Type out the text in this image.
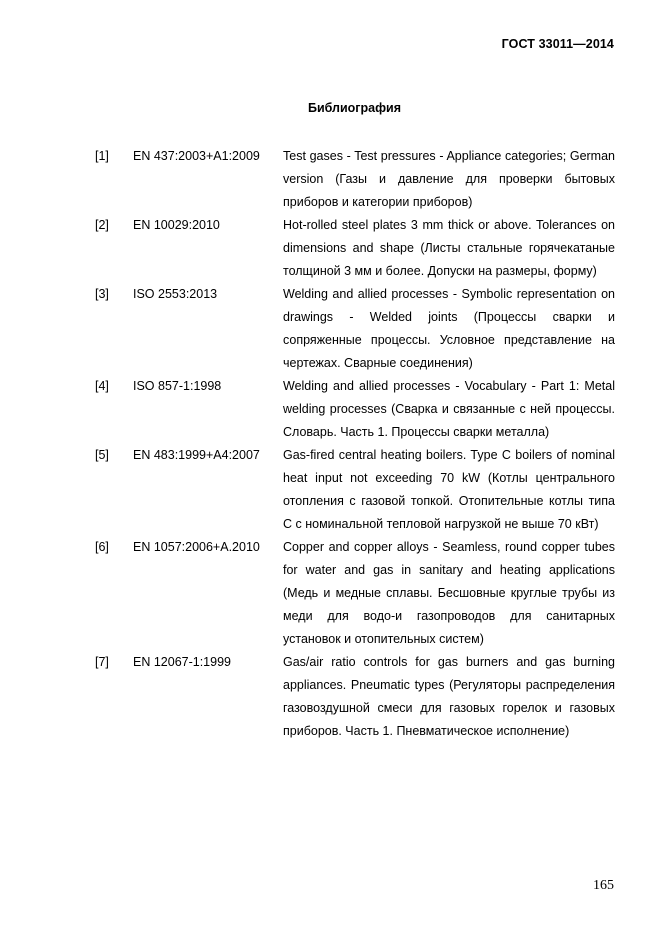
ГОСТ 33011—2014
Библиография
[1]	EN 437:2003+A1:2009	Test gases - Test pressures - Appliance categories; German version (Газы и давление для проверки бытовых приборов и категории приборов)
[2]	EN 10029:2010	Hot-rolled steel plates 3 mm thick or above. Tolerances on dimensions and shape (Листы стальные горячекатаные толщиной 3 мм и более. Допуски на размеры, форму)
[3]	ISO 2553:2013	Welding and allied processes - Symbolic representation on drawings - Welded joints (Процессы сварки и сопряженные процессы. Условное представление на чертежах. Сварные соединения)
[4]	ISO 857-1:1998	Welding and allied processes - Vocabulary - Part 1: Metal welding processes (Сварка и связанные с ней процессы. Словарь. Часть 1. Процессы сварки металла)
[5]	EN 483:1999+A4:2007	Gas-fired central heating boilers. Type C boilers of nominal heat input not exceeding 70 kW (Котлы центрального отопления с газовой топкой. Отопительные котлы типа С с номинальной тепловой нагрузкой не выше 70 кВт)
[6]	EN 1057:2006+A.2010	Copper and copper alloys - Seamless, round copper tubes for water and gas in sanitary and heating applications (Медь и медные сплавы. Бесшовные круглые трубы из меди для водо-и газопроводов для санитарных установок и отопительных систем)
[7]	EN 12067-1:1999	Gas/air ratio controls for gas burners and gas burning appliances. Pneumatic types (Регуляторы распределения газовоздушной смеси для газовых горелок и газовых приборов. Часть 1. Пневматическое исполнение)
165
